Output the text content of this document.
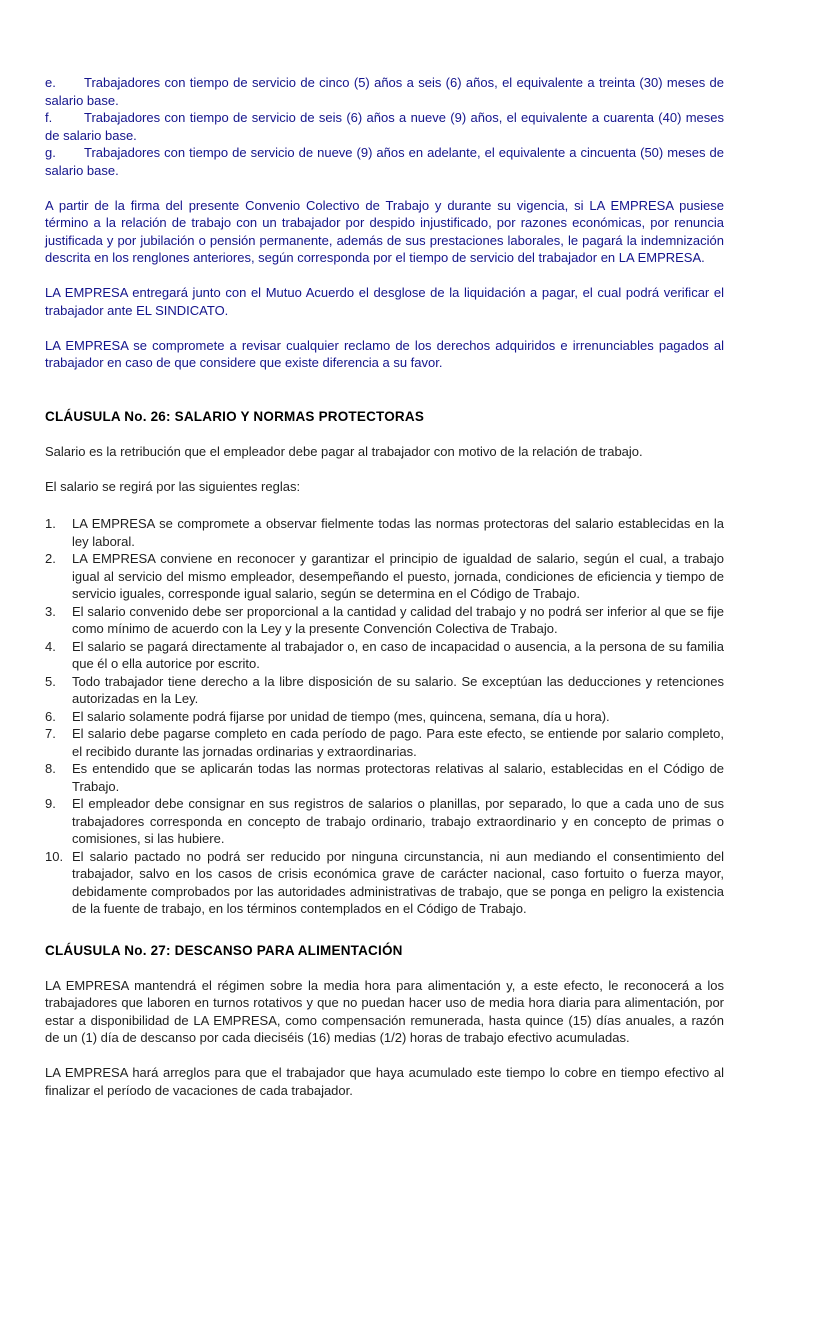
e. Trabajadores con tiempo de servicio de cinco (5) años a seis (6) años, el equivalente a treinta (30) meses de salario base.

f. Trabajadores con tiempo de servicio de seis (6) años a nueve (9) años, el equivalente a cuarenta (40) meses de salario base.

g. Trabajadores con tiempo de servicio de nueve (9) años en adelante, el equivalente a cincuenta (50) meses de salario base.

A partir de la firma del presente Convenio Colectivo de Trabajo y durante su vigencia, si LA EMPRESA pusiese término a la relación de trabajo con un trabajador por despido injustificado, por razones económicas, por renuncia justificada y por jubilación o pensión permanente, además de sus prestaciones laborales, le pagará la indemnización descrita en los renglones anteriores, según corresponda por el tiempo de servicio del trabajador en LA EMPRESA.

LA EMPRESA entregará junto con el Mutuo Acuerdo el desglose de la liquidación a pagar, el cual podrá verificar el trabajador ante EL SINDICATO.

LA EMPRESA se compromete a revisar cualquier reclamo de los derechos adquiridos e irrenunciables pagados al trabajador en caso de que considere que existe diferencia a su favor.

CLÁUSULA No. 26: SALARIO Y NORMAS PROTECTORAS

Salario es la retribución que el empleador debe pagar al trabajador con motivo de la relación de trabajo.

El salario se regirá por las siguientes reglas:

1.	LA EMPRESA se compromete a observar fielmente todas las normas protectoras del salario establecidas en la ley laboral.
2.	LA EMPRESA conviene en reconocer y garantizar el principio de igualdad de salario, según el cual, a trabajo igual al servicio del mismo empleador, desempeñando el puesto, jornada, condiciones de eficiencia y tiempo de servicio iguales, corresponde igual salario, según se determina en el Código de Trabajo.
3.	El salario convenido debe ser proporcional a la cantidad y calidad del trabajo y no podrá ser inferior al que se fije como mínimo de acuerdo con la Ley y la presente Convención Colectiva de Trabajo.
4.	El salario se pagará directamente al trabajador o, en caso de incapacidad o ausencia, a la persona de su familia que él o ella autorice por escrito.
5.	Todo trabajador tiene derecho a la libre disposición de su salario. Se exceptúan las deducciones y retenciones autorizadas en la Ley.
6.	El salario solamente podrá fijarse por unidad de tiempo (mes, quincena, semana, día u hora).
7.	El salario debe pagarse completo en cada período de pago. Para este efecto, se entiende por salario completo, el recibido durante las jornadas ordinarias y extraordinarias.
8.	Es entendido que se aplicarán todas las normas protectoras relativas al salario, establecidas en el Código de Trabajo.
9.	El empleador debe consignar en sus registros de salarios o planillas, por separado, lo que a cada uno de sus trabajadores corresponda en concepto de trabajo ordinario, trabajo extraordinario y en concepto de primas o comisiones, si las hubiere.
10. El salario pactado no podrá ser reducido por ninguna circunstancia, ni aun mediando el consentimiento del trabajador, salvo en los casos de crisis económica grave de carácter nacional, caso fortuito o fuerza mayor, debidamente comprobados por las autoridades administrativas de trabajo, que se ponga en peligro la existencia de la fuente de trabajo, en los términos contemplados en el Código de Trabajo.
CLÁUSULA No. 27: DESCANSO PARA ALIMENTACIÓN

LA EMPRESA mantendrá el régimen sobre la media hora para alimentación y, a este efecto, le reconocerá a los trabajadores que laboren en turnos rotativos y que no puedan hacer uso de media hora diaria para alimentación, por estar a disponibilidad de LA EMPRESA, como compensación remunerada, hasta quince (15) días anuales, a razón de un (1) día de descanso por cada dieciséis (16) medias (1/2) horas de trabajo efectivo acumuladas.

LA EMPRESA hará arreglos para que el trabajador que haya acumulado este tiempo lo cobre en tiempo efectivo al finalizar el período de vacaciones de cada trabajador.
